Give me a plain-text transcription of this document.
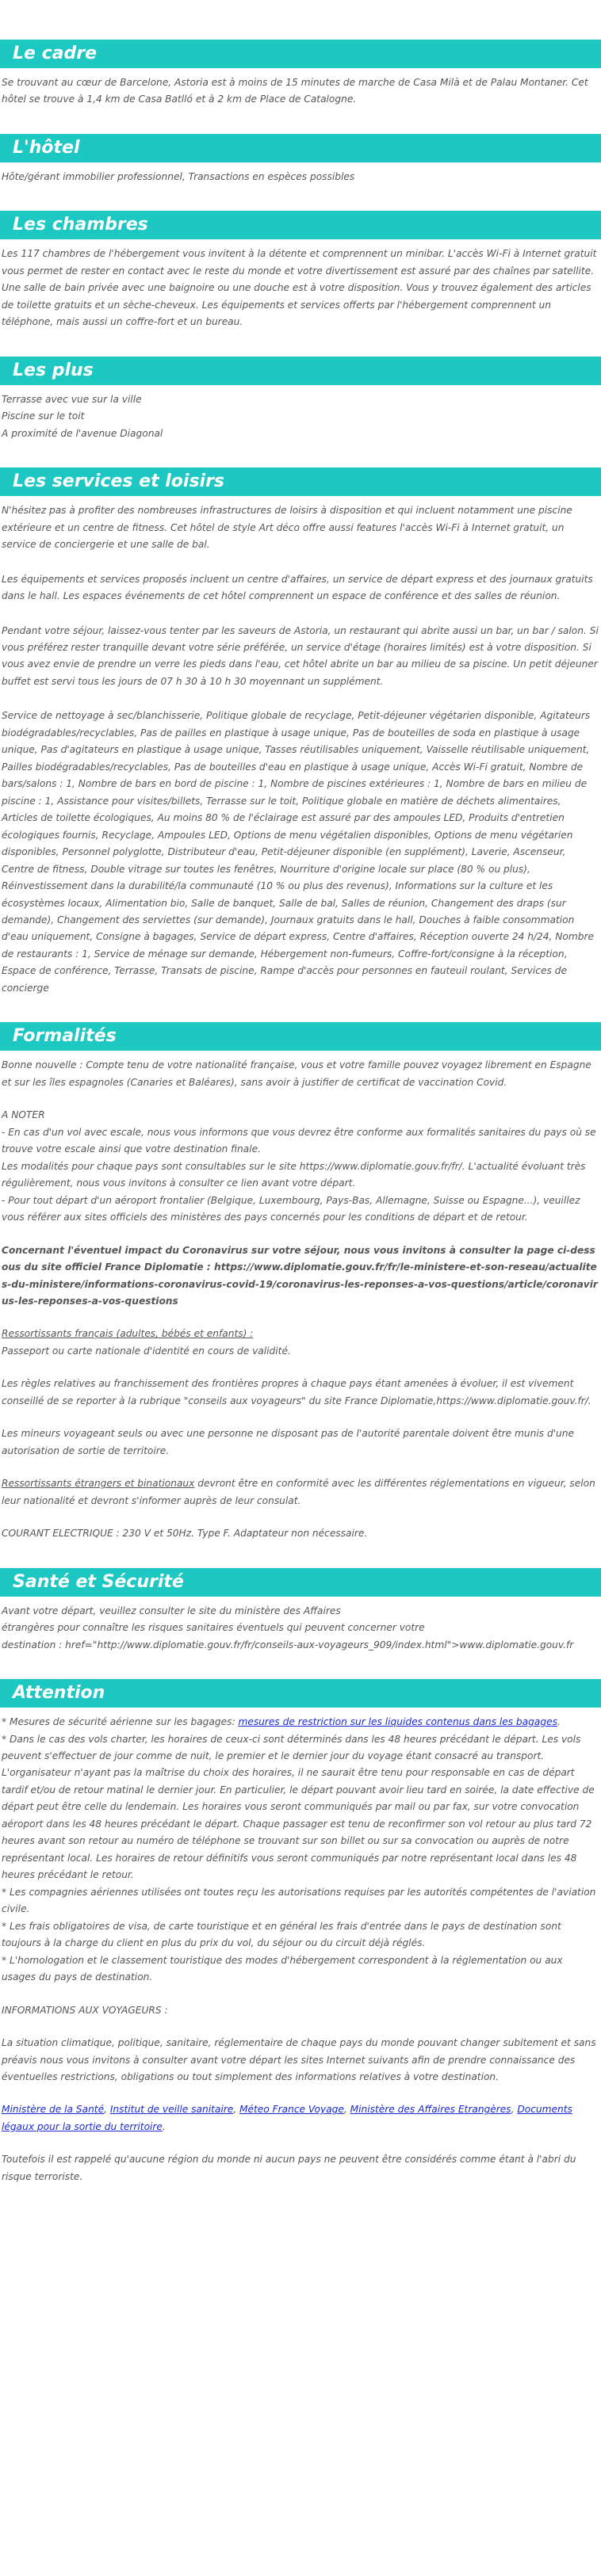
Le cadre

Se trouvant au cœur de Barcelone, Astoria est à moins de 15 minutes de marche de Casa Milà et de Palau Montaner. Cet hôtel se trouve à 1,4 km de Casa Batlló et à 2 km de Place de Catalogne.

L'hôtel

Hôte/gérant immobilier professionnel, Transactions en espèces possibles

Les chambres

Les 117 chambres de l'hébergement vous invitent à la détente et comprennent un minibar. L'accès Wi-Fi à Internet gratuit vous permet de rester en contact avec le reste du monde et votre divertissement est assuré par des chaînes par satellite. Une salle de bain privée avec une baignoire ou une douche est à votre disposition. Vous y trouvez également des articles de toilette gratuits et un sèche-cheveux. Les équipements et services offerts par l'hébergement comprennent un téléphone, mais aussi un coffre-fort et un bureau.

Les plus

Terrasse avec vue sur la ville

Piscine sur le toit

A proximité de l'avenue Diagonal

Les services et loisirs

N'hésitez pas à profiter des nombreuses infrastructures de loisirs à disposition et qui incluent notamment une piscine extérieure et un centre de fitness. Cet hôtel de style Art déco offre aussi features l'accès Wi-Fi à Internet gratuit, un service de conciergerie et une salle de bal.

Les équipements et services proposés incluent un centre d'affaires, un service de départ express et des journaux gratuits dans le hall. Les espaces événements de cet hôtel comprennent un espace de conférence et des salles de réunion.

Pendant votre séjour, laissez-vous tenter par les saveurs de Astoria, un restaurant qui abrite aussi un bar, un bar / salon. Si vous préférez rester tranquille devant votre série préférée, un service d'étage (horaires limités) est à votre disposition. Si vous avez envie de prendre un verre les pieds dans l'eau, cet hôtel abrite un bar au milieu de sa piscine. Un petit déjeuner buffet est servi tous les jours de 07 h 30 à 10 h 30 moyennant un supplément.

Service de nettoyage à sec/blanchisserie, Politique globale de recyclage, Petit-déjeuner végétarien disponible, Agitateurs biodégradables/recyclables, Pas de pailles en plastique à usage unique, Pas de bouteilles de soda en plastique à usage unique, Pas d'agitateurs en plastique à usage unique, Tasses réutilisables uniquement, Vaisselle réutilisable uniquement, Pailles biodégradables/recyclables, Pas de bouteilles d'eau en plastique à usage unique, Accès Wi-Fi gratuit, Nombre de bars/salons : 1, Nombre de bars en bord de piscine : 1, Nombre de piscines extérieures : 1, Nombre de bars en milieu de piscine : 1, Assistance pour visites/billets, Terrasse sur le toit, Politique globale en matière de déchets alimentaires, Articles de toilette écologiques, Au moins 80 % de l'éclairage est assuré par des ampoules LED, Produits d'entretien écologiques fournis, Recyclage, Ampoules LED, Options de menu végétalien disponibles, Options de menu végétarien disponibles, Personnel polyglotte, Distributeur d'eau, Petit-déjeuner disponible (en supplément), Laverie, Ascenseur, Centre de fitness, Double vitrage sur toutes les fenêtres, Nourriture d'origine locale sur place (80 % ou plus), Réinvestissement dans la durabilité/la communauté (10 % ou plus des revenus), Informations sur la culture et les écosystèmes locaux, Alimentation bio, Salle de banquet, Salle de bal, Salles de réunion, Changement des draps (sur demande), Changement des serviettes (sur demande), Journaux gratuits dans le hall, Douches à faible consommation d'eau uniquement, Consigne à bagages, Service de départ express, Centre d'affaires, Réception ouverte 24 h/24, Nombre de restaurants : 1, Service de ménage sur demande, Hébergement non-fumeurs, Coffre-fort/consigne à la réception, Espace de conférence, Terrasse, Transats de piscine, Rampe d'accès pour personnes en fauteuil roulant, Services de concierge

Formalités

Bonne nouvelle : Compte tenu de votre nationalité française, vous et votre famille pouvez voyagez librement en Espagne et sur les îles espagnoles (Canaries et Baléares), sans avoir à justifier de certificat de vaccination Covid.

A NOTER

- En cas d'un vol avec escale, nous vous informons que vous devrez être conforme aux formalités sanitaires du pays où se trouve votre escale ainsi que votre destination finale.

Les modalités pour chaque pays sont consultables sur le site https://www.diplomatie.gouv.fr/fr/. L'actualité évoluant très régulièrement, nous vous invitons à consulter ce lien avant votre départ.

- Pour tout départ d'un aéroport frontalier (Belgique, Luxembourg, Pays-Bas, Allemagne, Suisse ou Espagne...), veuillez vous référer aux sites officiels des ministères des pays concernés pour les conditions de départ et de retour.

Concernant l'éventuel impact du Coronavirus sur votre séjour, nous vous invitons à consulter la page ci-dessous du site officiel France Diplomatie : https://www.diplomatie.gouv.fr/fr/le-ministere-et-son-reseau/actualites-du-ministere/informations-coronavirus-covid-19/coronavirus-les-reponses-a-vos-questions/article/coronavirus-les-reponses-a-vos-questions

Ressortissants français (adultes, bébés et enfants) :

Passeport ou carte nationale d'identité en cours de validité.

Les règles relatives au franchissement des frontières propres à chaque pays étant amenées à évoluer, il est vivement conseillé de se reporter à la rubrique "conseils aux voyageurs" du site France Diplomatie,https://www.diplomatie.gouv.fr/.

Les mineurs voyageant seuls ou avec une personne ne disposant pas de l'autorité parentale doivent être munis d'une autorisation de sortie de territoire.

Ressortissants étrangers et binationaux devront être en conformité avec les différentes réglementations en vigueur, selon leur nationalité et devront s'informer auprès de leur consulat.

COURANT ELECTRIQUE : 230 V et 50Hz. Type F. Adaptateur non nécessaire.

Santé et Sécurité

Avant votre départ, veuillez consulter le site du ministère des Affaires

étrangères pour connaître les risques sanitaires éventuels qui peuvent concerner votre

destination : href="http://www.diplomatie.gouv.fr/fr/conseils-aux-voyageurs_909/index.html">www.diplomatie.gouv.fr

Attention

* Mesures de sécurité aérienne sur les bagages: mesures de restriction sur les liquides contenus dans les bagages.

* Dans le cas des vols charter, les horaires de ceux-ci sont déterminés dans les 48 heures précédant le départ. Les vols peuvent s'effectuer de jour comme de nuit, le premier et le dernier jour du voyage étant consacré au transport. L'organisateur n'ayant pas la maîtrise du choix des horaires, il ne saurait être tenu pour responsable en cas de départ tardif et/ou de retour matinal le dernier jour. En particulier, le départ pouvant avoir lieu tard en soirée, la date effective de départ peut être celle du lendemain. Les horaires vous seront communiqués par mail ou par fax, sur votre convocation aéroport dans les 48 heures précédant le départ. Chaque passager est tenu de reconfirmer son vol retour au plus tard 72 heures avant son retour au numéro de téléphone se trouvant sur son billet ou sur sa convocation ou auprès de notre représentant local. Les horaires de retour définitifs vous seront communiqués par notre représentant local dans les 48 heures précédant le retour.

* Les compagnies aériennes utilisées ont toutes reçu les autorisations requises par les autorités compétentes de l'aviation civile.

* Les frais obligatoires de visa, de carte touristique et en général les frais d'entrée dans le pays de destination sont toujours à la charge du client en plus du prix du vol, du séjour ou du circuit déjà réglés.

* L'homologation et le classement touristique des modes d'hébergement correspondent à la réglementation ou aux usages du pays de destination.

INFORMATIONS AUX VOYAGEURS :

La situation climatique, politique, sanitaire, réglementaire de chaque pays du monde pouvant changer subitement et sans préavis nous vous invitons à consulter avant votre départ les sites Internet suivants afin de prendre connaissance des éventuelles restrictions, obligations ou tout simplement des informations relatives à votre destination.

Ministère de la Santé, Institut de veille sanitaire, Méteo France Voyage, Ministère des Affaires Etrangères, Documents légaux pour la sortie du territoire.

Toutefois il est rappelé qu'aucune région du monde ni aucun pays ne peuvent être considérés comme étant à l'abri du risque terroriste.
